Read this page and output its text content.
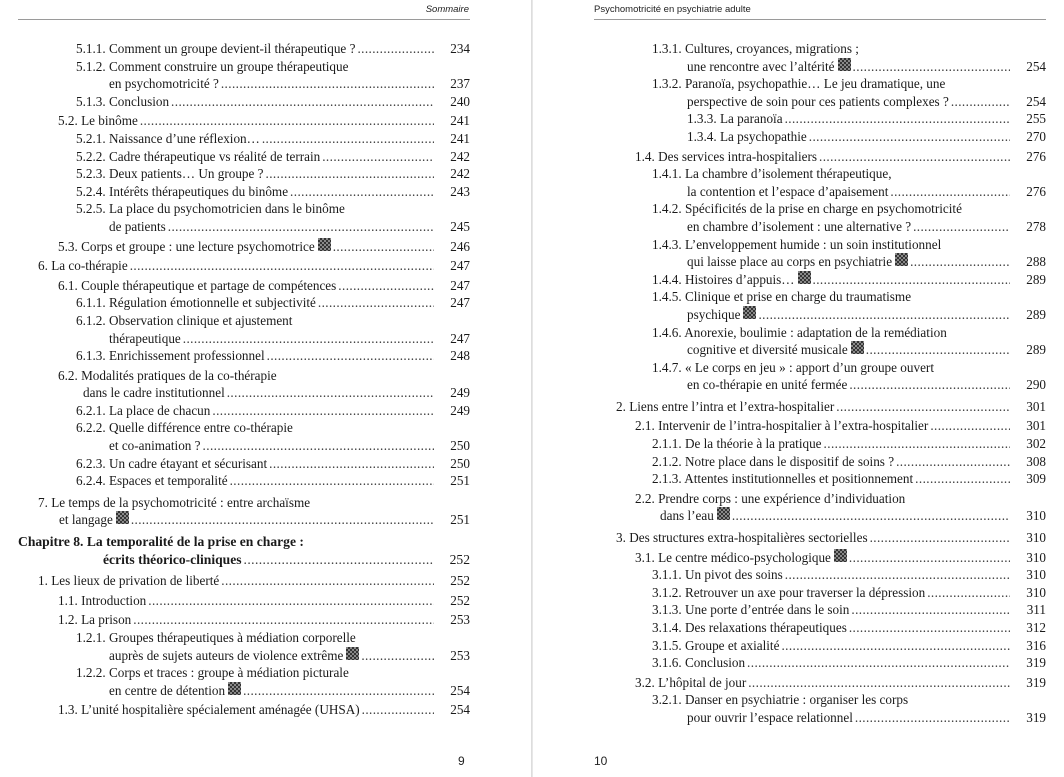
Sommaire	Psychomotricité en psychiatrie adulte
5.1.1. Comment un groupe devient-il thérapeutique ? .....	234
5.1.2. Comment construire un groupe thérapeutique
en psychomotricité ? .....	237
5.1.3. Conclusion .....	240
5.2. Le binôme .....	241
5.2.1. Naissance d’une réflexion… .....	241
5.2.2. Cadre thérapeutique vs réalité de terrain .....	242
5.2.3. Deux patients… Un groupe ? .....	242
5.2.4. Intérêts thérapeutiques du binôme .....	243
5.2.5. La place du psychomotricien dans le binôme
de patients .....	245
5.3. Corps et groupe : une lecture psychomotrice .....	246
6. La co-thérapie .....	247
6.1. Couple thérapeutique et partage de compétences .....	247
6.1.1. Régulation émotionnelle et subjectivité .....	247
6.1.2. Observation clinique et ajustement
thérapeutique .....	247
6.1.3. Enrichissement professionnel .....	248
6.2. Modalités pratiques de la co-thérapie
dans le cadre institutionnel .....	249
6.2.1. La place de chacun .....	249
6.2.2. Quelle différence entre co-thérapie
et co-animation ? .....	250
6.2.3. Un cadre étayant et sécurisant .....	250
6.2.4. Espaces et temporalité .....	251
7. Le temps de la psychomotricité : entre archaïsme
et langage .....	251
Chapitre 8. La temporalité de la prise en charge :
écrits théorico-cliniques .....	252
1. Les lieux de privation de liberté .....	252
1.1. Introduction .....	252
1.2. La prison .....	253
1.2.1. Groupes thérapeutiques à médiation corporelle
auprès de sujets auteurs de violence extrême .....	253
1.2.2. Corps et traces : groupe à médiation picturale
en centre de détention .....	254
1.3. L’unité hospitalière spécialement aménagée (UHSA) .....	254
1.3.1. Cultures, croyances, migrations ;
une rencontre avec l’altérité .....	254
1.3.2. Paranoïa, psychopathie… Le jeu dramatique, une
perspective de soin pour ces patients complexes ? .....	254
1.3.3. La paranoïa .....	255
1.3.4. La psychopathie .....	270
1.4. Des services intra-hospitaliers .....	276
1.4.1. La chambre d’isolement thérapeutique,
la contention et l’espace d’apaisement .....	276
1.4.2. Spécificités de la prise en charge en psychomotricité
en chambre d’isolement : une alternative ? .....	278
1.4.3. L’enveloppement humide : un soin institutionnel
qui laisse place au corps en psychiatrie .....	288
1.4.4. Histoires d’appuis… .....	289
1.4.5. Clinique et prise en charge du traumatisme
psychique .....	289
1.4.6. Anorexie, boulimie : adaptation de la remédiation
cognitive et diversité musicale .....	289
1.4.7. « Le corps en jeu » : apport d’un groupe ouvert
en co-thérapie en unité fermée .....	290
2. Liens entre l’intra et l’extra-hospitalier .....	301
2.1. Intervenir de l’intra-hospitalier à l’extra-hospitalier .....	301
2.1.1. De la théorie à la pratique .....	302
2.1.2. Notre place dans le dispositif de soins ? .....	308
2.1.3. Attentes institutionnelles et positionnement .....	309
2.2. Prendre corps : une expérience d’individuation
dans l’eau .....	310
3. Des structures extra-hospitalières sectorielles .....	310
3.1. Le centre médico-psychologique .....	310
3.1.1. Un pivot des soins .....	310
3.1.2. Retrouver un axe pour traverser la dépression .....	310
3.1.3. Une porte d’entrée dans le soin .....	311
3.1.4. Des relaxations thérapeutiques .....	312
3.1.5. Groupe et axialité .....	316
3.1.6. Conclusion .....	319
3.2. L’hôpital de jour .....	319
3.2.1. Danser en psychiatrie : organiser les corps
pour ouvrir l’espace relationnel .....	319
9	10
